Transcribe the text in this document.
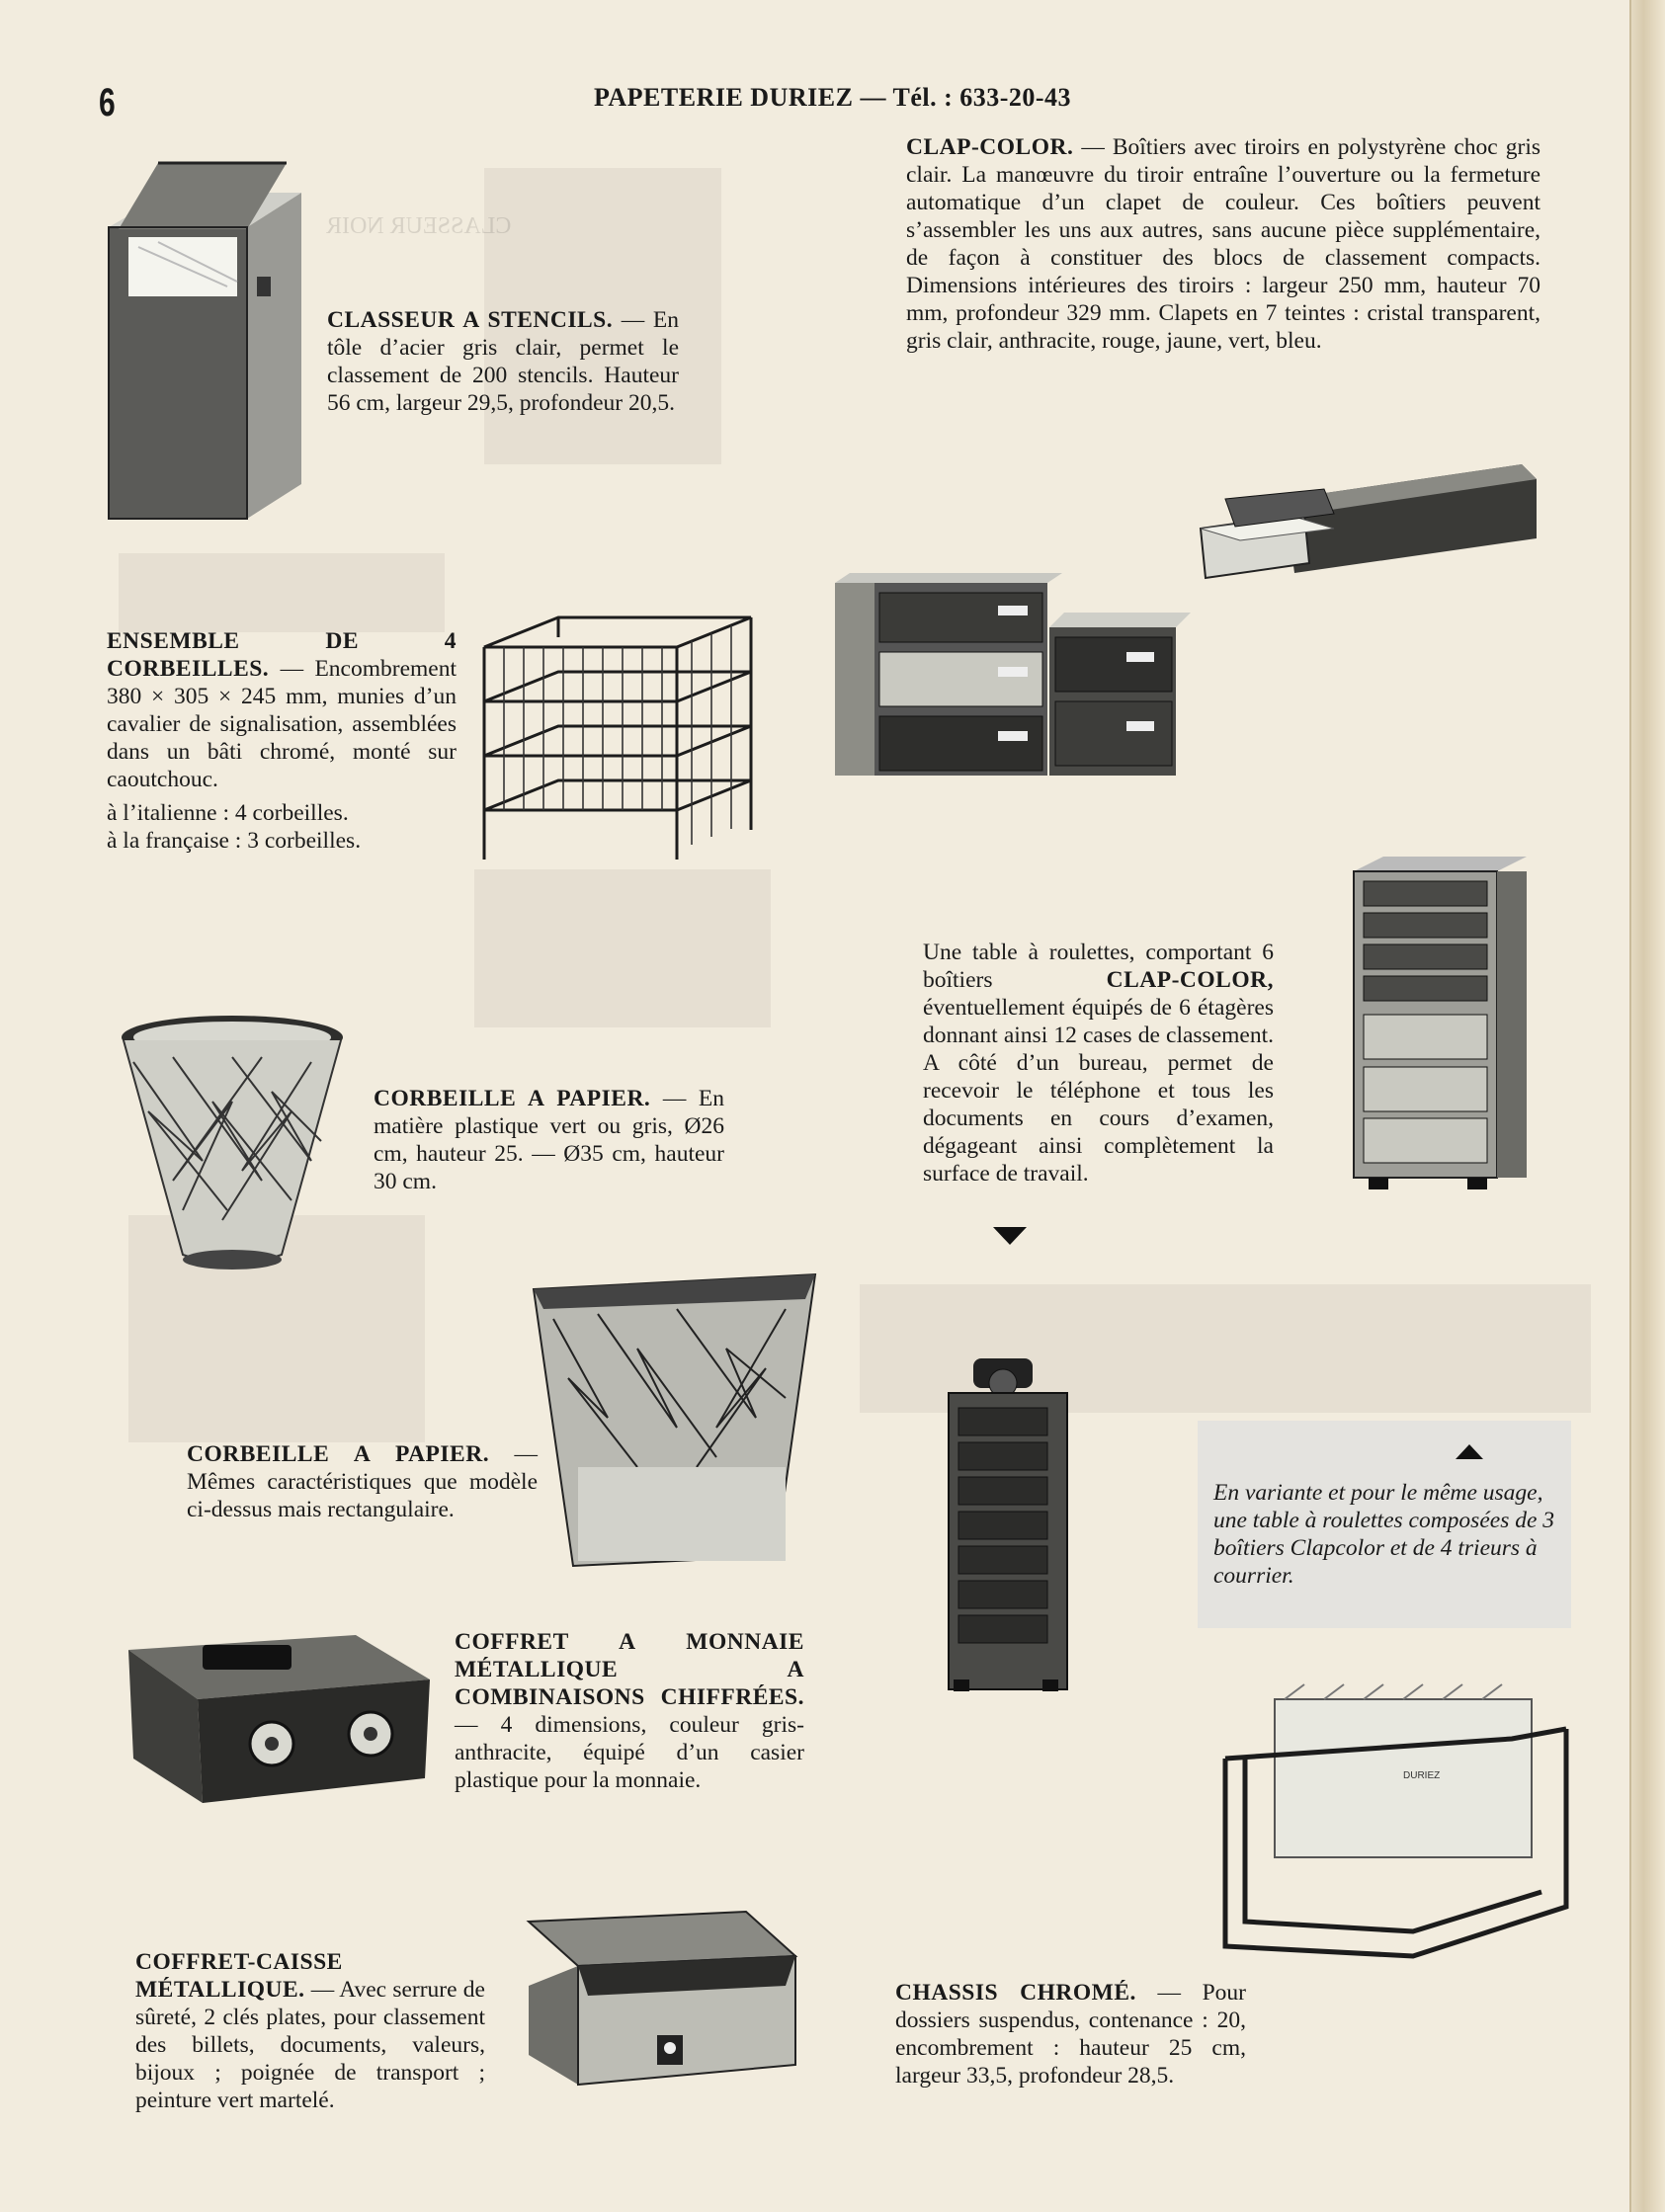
6	PAPETERIE DURIEZ — Tél. : 633-20-43
CLASSEUR NOIR
DURIEZ

CLASSEUR A STENCILS. — En tôle d’acier gris clair, permet le classement de 200 stencils. Hauteur 56 cm, largeur 29,5, profondeur 20,5.

CLAP-COLOR. — Boîtiers avec tiroirs en polystyrène choc gris clair. La manœuvre du tiroir entraîne l’ouverture ou la fermeture automatique d’un clapet de couleur. Ces boîtiers peuvent s’assembler les uns aux autres, sans aucune pièce supplémentaire, de façon à constituer des blocs de classement compacts. Dimensions intérieures des tiroirs : largeur 250 mm, hauteur 70 mm, profondeur 329 mm. Clapets en 7 teintes : cristal transparent, gris clair, anthracite, rouge, jaune, vert, bleu.

ENSEMBLE DE 4 CORBEILLES. — Encombrement 380 × 305 × 245 mm, munies d’un cavalier de signalisation, assemblées dans un bâti chromé, monté sur caoutchouc.

à l’italienne : 4 corbeilles.

à la française : 3 corbeilles.

Une table à roulettes, comportant 6 boîtiers CLAP-COLOR, éventuellement équipés de 6 étagères donnant ainsi 12 cases de classement. A côté d’un bureau, permet de recevoir le téléphone et tous les documents en cours d’examen, dégageant ainsi complètement la surface de travail.

CORBEILLE A PAPIER. — En matière plastique vert ou gris, Ø26 cm, hauteur 25. — Ø35 cm, hauteur 30 cm.

CORBEILLE A PAPIER. — Mêmes caractéristiques que modèle ci-dessus mais rectangulaire.

En variante et pour le même usage, une table à roulettes composées de 3 boîtiers Clapcolor et de 4 trieurs à courrier.

COFFRET A MONNAIE MÉTALLIQUE A COMBINAISONS CHIFFRÉES. — 4 dimensions, couleur gris-anthracite, équipé d’un casier plastique pour la monnaie.

COFFRET-CAISSE MÉTALLIQUE. — Avec serrure de sûreté, 2 clés plates, pour classement des billets, documents, valeurs, bijoux ; poignée de transport ; peinture vert martelé.

CHASSIS CHROMÉ. — Pour dossiers suspendus, contenance : 20, encombrement : hauteur 25 cm, largeur 33,5, profondeur 28,5.
